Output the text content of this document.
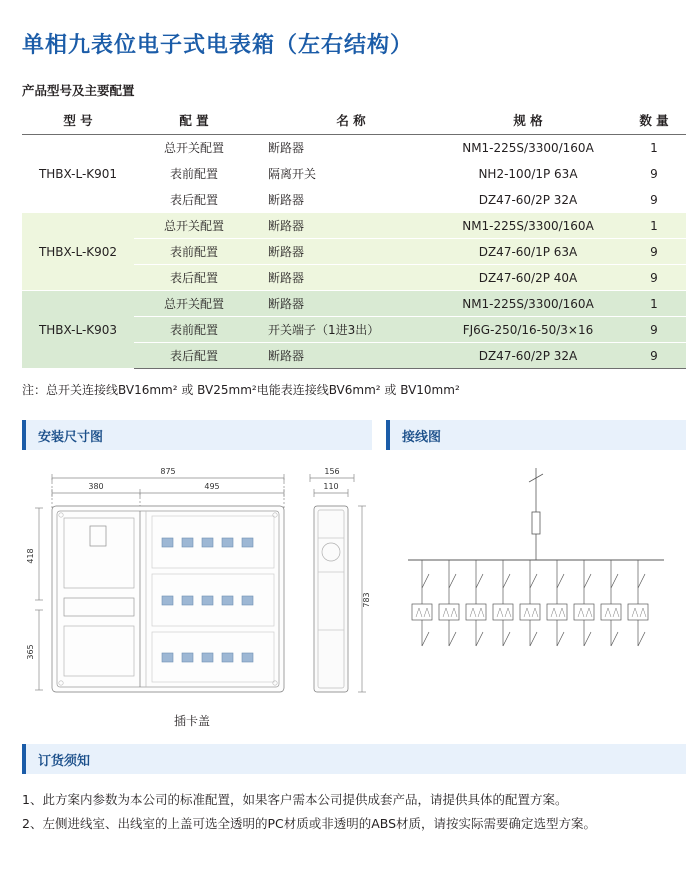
单相九表位电子式电表箱（左右结构）
产品型号及主要配置
型 号	配 置	名 称	规 格	数 量
THBX-L-K901	总开关配置	断路器	NM1-225S/3300/160A	1
	表前配置	隔离开关	NH2-100/1P 63A	9
	表后配置	断路器	DZ47-60/2P 32A	9
THBX-L-K902	总开关配置	断路器	NM1-225S/3300/160A	1
	表前配置	断路器	DZ47-60/1P 63A	9
	表后配置	断路器	DZ47-60/2P 40A	9
THBX-L-K903	总开关配置	断路器	NM1-225S/3300/160A	1
	表前配置	开关端子（1进3出）	FJ6G-250/16-50/3×16	9
	表后配置	断路器	DZ47-60/2P 32A	9
注：总开关连接线BV16mm² 或 BV25mm²电能表连接线BV6mm² 或 BV10mm²
安装尺寸图
875
380	495
418
365
156
110
783
插卡盖
接线图
订货须知
1、此方案内参数为本公司的标准配置，如果客户需本公司提供成套产品，请提供具体的配置方案。
2、左侧进线室、出线室的上盖可选全透明的PC材质或非透明的ABS材质，请按实际需要确定选型方案。
